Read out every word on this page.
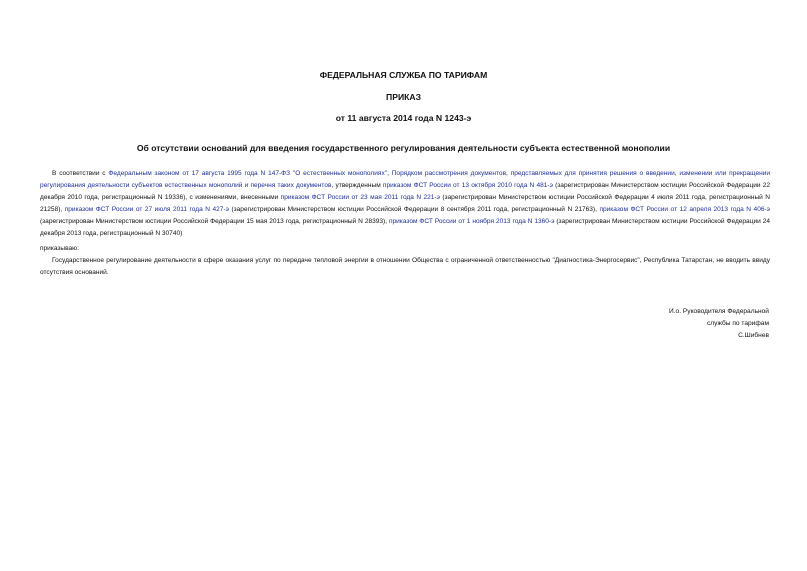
ФЕДЕРАЛЬНАЯ СЛУЖБА ПО ТАРИФАМ

ПРИКАЗ

от 11 августа 2014 года N 1243-э

Об отсутствии оснований для введения государственного регулирования деятельности субъекта естественной монополии

В соответствии с Федеральным законом от 17 августа 1995 года N 147-ФЗ "О естественных монополиях", Порядком рассмотрения документов, представляемых для принятия решения о введении, изменении или прекращении регулирования деятельности субъектов естественных монополий и перечня таких документов, утвержденным приказом ФСТ России от 13 октября 2010 года N 481-э (зарегистрирован Министерством юстиции Российской Федерации 22 декабря 2010 года, регистрационный N 19336), с изменениями, внесенными приказом ФСТ России от 23 мая 2011 года N 221-э (зарегистрирован Министерством юстиции Российской Федерации 4 июля 2011 года, регистрационный N 21258), приказом ФСТ России от 27 июля 2011 года N 427-э (зарегистрирован Министерством юстиции Российской Федерации 8 сентября 2011 года, регистрационный N 21763), приказом ФСТ России от 12 апреля 2013 года N 406-э (зарегистрирован Министерством юстиции Российской Федерации 15 мая 2013 года, регистрационный N 28393), приказом ФСТ России от 1 ноября 2013 года N 1360-э (зарегистрирован Министерством юстиции Российской Федерации 24 декабря 2013 года, регистрационный N 30740)

приказываю:

Государственное регулирование деятельности в сфере оказания услуг по передаче тепловой энергии в отношении Общества с ограниченной ответственностью "Диагностика-Энергосервис", Республика Татарстан, не вводить ввиду отсутствия оснований.

И.о. Руководителя Федеральной
службы по тарифам
С.Шибнев
